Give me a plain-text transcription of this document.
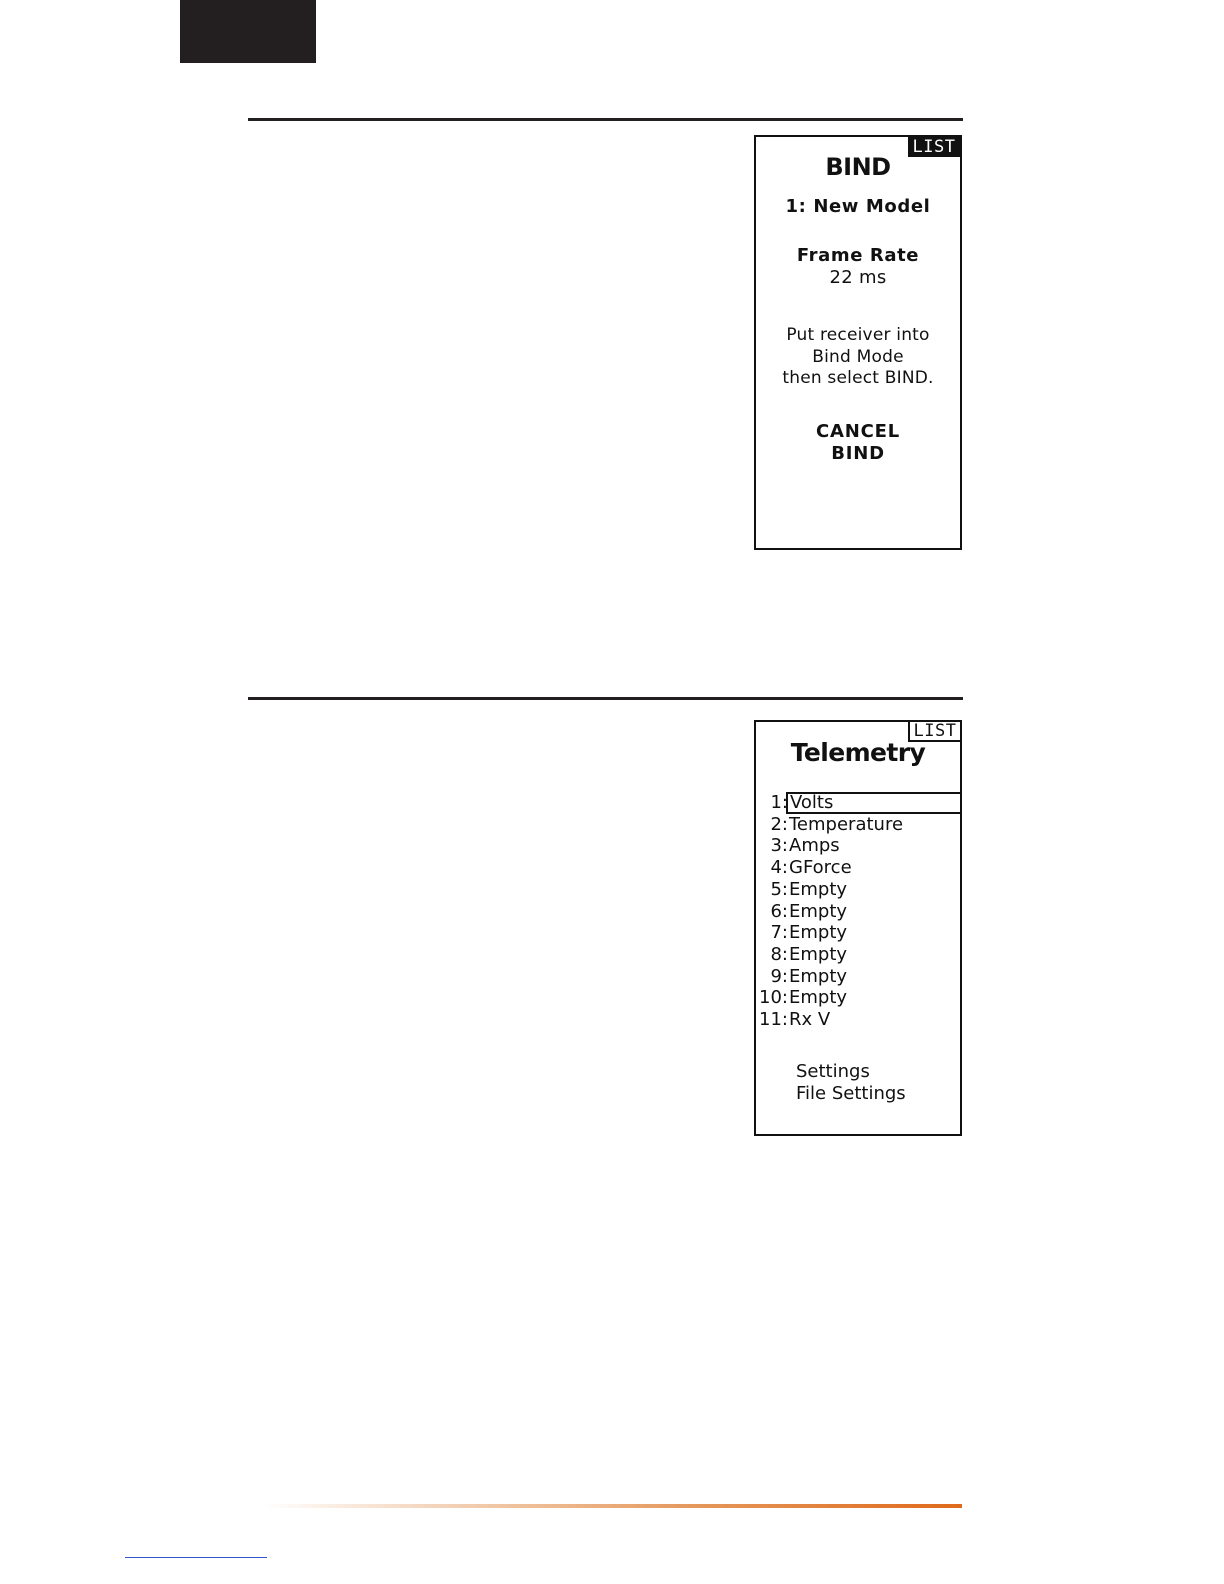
LIST
BIND
1: New Model
Frame Rate
22 ms
Put receiver into
Bind Mode
then select BIND.
CANCEL
BIND
LIST
Telemetry
1: Volts
2: Temperature
3: Amps
4: GForce
5: Empty
6: Empty
7: Empty
8: Empty
9: Empty
10: Empty
11: Rx V
Settings
File Settings
